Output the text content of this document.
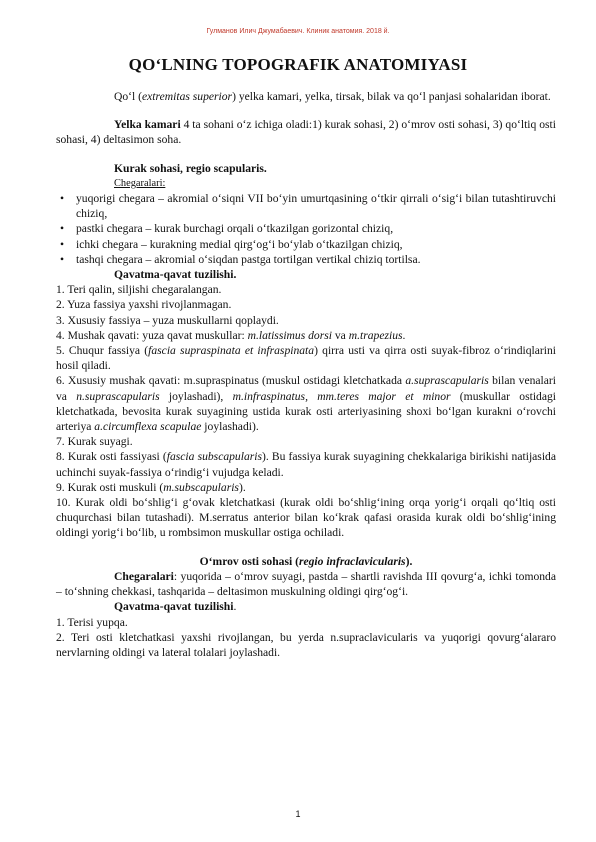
Гулманов Илич Джумабаевич. Клиник анатомия. 2018 й.
QO‘LNING TOPOGRAFIK ANATOMIYASI

Qo‘l (extremitas superior) yelka kamari, yelka, tirsak, bilak va qo‘l panjasi sohalaridan iborat.

Yelka kamari 4 ta sohani o‘z ichiga oladi:1) kurak sohasi, 2) o‘mrov osti sohasi, 3) qo‘ltiq osti sohasi, 4) deltasimon soha.

Kurak sohasi, regio scapularis.

Chegaralari:

• yuqorigi chegara – akromial o‘siqni VII bo‘yin umurtqasining o‘tkir qirrali o‘sig‘i bilan tutashtiruvchi chiziq,
• pastki chegara – kurak burchagi orqali o‘tkazilgan gorizontal chiziq,
• ichki chegara – kurakning medial qirg‘og‘i bo‘ylab o‘tkazilgan chiziq,
• tashqi chegara – akromial o‘siqdan pastga tortilgan vertikal chiziq tortilsa.

Qavatma-qavat tuzilishi.

1. Teri qalin, siljishi chegaralangan.

2. Yuza fassiya yaxshi rivojlanmagan.

3. Xususiy fassiya – yuza muskullarni qoplaydi.

4. Mushak qavati: yuza qavat muskullar: m.latissimus dorsi va m.trapezius.

5. Chuqur fassiya (fascia supraspinata et infraspinata) qirra usti va qirra osti suyak-fibroz o‘rindiqlarini hosil qiladi.

6. Xususiy mushak qavati: m.supraspinatus (muskul ostidagi kletchatkada a.suprascapularis bilan venalari va n.suprascapularis joylashadi), m.infraspinatus, mm.teres major et minor (muskullar ostidagi kletchatkada, bevosita kurak suyagining ustida kurak osti arteriyasining shoxi bo‘lgan kurakni o‘rovchi arteriya a.circumflexa scapulae joylashadi).

7. Kurak suyagi.

8. Kurak osti fassiyasi (fascia subscapularis). Bu fassiya kurak suyagining chekkalariga birikishi natijasida uchinchi suyak-fassiya o‘rindig‘i vujudga keladi.

9. Kurak osti muskuli (m.subscapularis).

10. Kurak oldi bo‘shlig‘i g‘ovak kletchatkasi (kurak oldi bo‘shlig‘ining orqa yorig‘i orqali qo‘ltiq osti chuqurchasi bilan tutashadi). M.serratus anterior bilan ko‘krak qafasi orasida kurak oldi bo‘shlig‘ining oldingi yorig‘i bo‘lib, u rombsimon muskullar ostiga ochiladi.

O‘mrov osti sohasi (regio infraclavicularis).

Chegaralari: yuqorida – o‘mrov suyagi, pastda – shartli ravishda III qovurg‘a, ichki tomonda – to‘shning chekkasi, tashqarida – deltasimon muskulning oldingi qirg‘og‘i.

Qavatma-qavat tuzilishi.

1. Terisi yupqa.

2. Teri osti kletchatkasi yaxshi rivojlangan, bu yerda n.supraclavicularis va yuqorigi qovurg‘alararo nervlarning oldingi va lateral tolalari joylashadi.

1
